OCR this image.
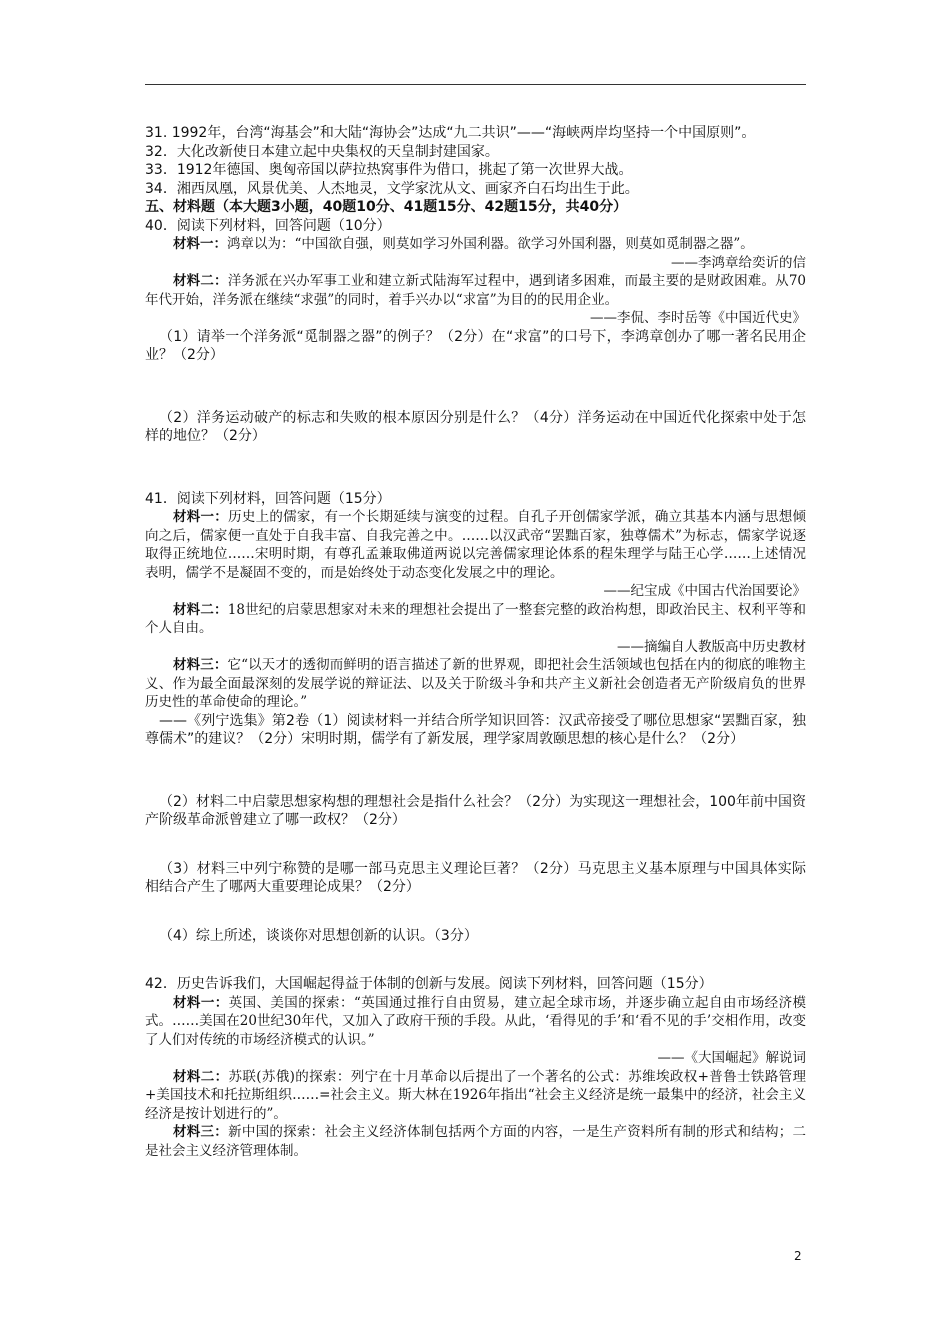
31. 1992年，台湾“海基会”和大陆“海协会”达成“九二共识”——“海峡两岸均坚持一个中国原则”。

32．大化改新使日本建立起中央集权的天皇制封建国家。

33．1912年德国、奥匈帝国以萨拉热窝事件为借口，挑起了第一次世界大战。

34．湘西凤凰，风景优美、人杰地灵，文学家沈从文、画家齐白石均出生于此。

五、材料题（本大题3小题，40题10分、41题15分、42题15分，共40分）

40．阅读下列材料，回答问题（10分）

材料一：鸿章以为：“中国欲自强，则莫如学习外国利器。欲学习外国利器，则莫如觅制器之器”。

——李鸿章给奕䜣的信

材料二：洋务派在兴办军事工业和建立新式陆海军过程中，遇到诸多困难，而最主要的是财政困难。从70年代开始，洋务派在继续“求强”的同时，着手兴办以“求富”为目的的民用企业。

——李侃、李时岳等《中国近代史》

（1）请举一个洋务派“觅制器之器”的例子？（2分）在“求富”的口号下，李鸿章创办了哪一著名民用企业？（2分）

（2）洋务运动破产的标志和失败的根本原因分别是什么？（4分）洋务运动在中国近代化探索中处于怎样的地位？（2分）

41．阅读下列材料，回答问题（15分）

材料一：历史上的儒家，有一个长期延续与演变的过程。自孔子开创儒家学派，确立其基本内涵与思想倾向之后，儒家便一直处于自我丰富、自我完善之中。……以汉武帝“罢黜百家，独尊儒术”为标志，儒家学说逐取得正统地位……宋明时期，有尊孔孟兼取佛道两说以完善儒家理论体系的程朱理学与陆王心学……上述情况表明，儒学不是凝固不变的，而是始终处于动态变化发展之中的理论。

——纪宝成《中国古代治国要论》

材料二：18世纪的启蒙思想家对未来的理想社会提出了一整套完整的政治构想，即政治民主、权利平等和个人自由。

——摘编自人教版高中历史教材

材料三：它“以天才的透彻而鲜明的语言描述了新的世界观，即把社会生活领域也包括在内的彻底的唯物主义、作为最全面最深刻的发展学说的辩证法、以及关于阶级斗争和共产主义新社会创造者无产阶级肩负的世界历史性的革命使命的理论。”

——《列宁选集》第2卷（1）阅读材料一并结合所学知识回答：汉武帝接受了哪位思想家“罢黜百家，独尊儒术”的建议？（2分）宋明时期，儒学有了新发展，理学家周敦颐思想的核心是什么？（2分）

（2）材料二中启蒙思想家构想的理想社会是指什么社会？（2分）为实现这一理想社会，100年前中国资产阶级革命派曾建立了哪一政权？（2分）

（3）材料三中列宁称赞的是哪一部马克思主义理论巨著？（2分）马克思主义基本原理与中国具体实际相结合产生了哪两大重要理论成果？（2分）

（4）综上所述，谈谈你对思想创新的认识。（3分）

42．历史告诉我们，大国崛起得益于体制的创新与发展。阅读下列材料，回答问题（15分）

材料一：英国、美国的探索：“英国通过推行自由贸易，建立起全球市场，并逐步确立起自由市场经济模式。……美国在20世纪30年代，又加入了政府干预的手段。从此，‘看得见的手’和‘看不见的手’交相作用，改变了人们对传统的市场经济模式的认识。”

——《大国崛起》解说词

材料二：苏联(苏俄)的探索：列宁在十月革命以后提出了一个著名的公式：苏维埃政权+普鲁士铁路管理+美国技术和托拉斯组织……=社会主义。斯大林在1926年指出“社会主义经济是统一最集中的经济，社会主义经济是按计划进行的”。

材料三：新中国的探索：社会主义经济体制包括两个方面的内容，一是生产资料所有制的形式和结构；二是社会主义经济管理体制。

2
